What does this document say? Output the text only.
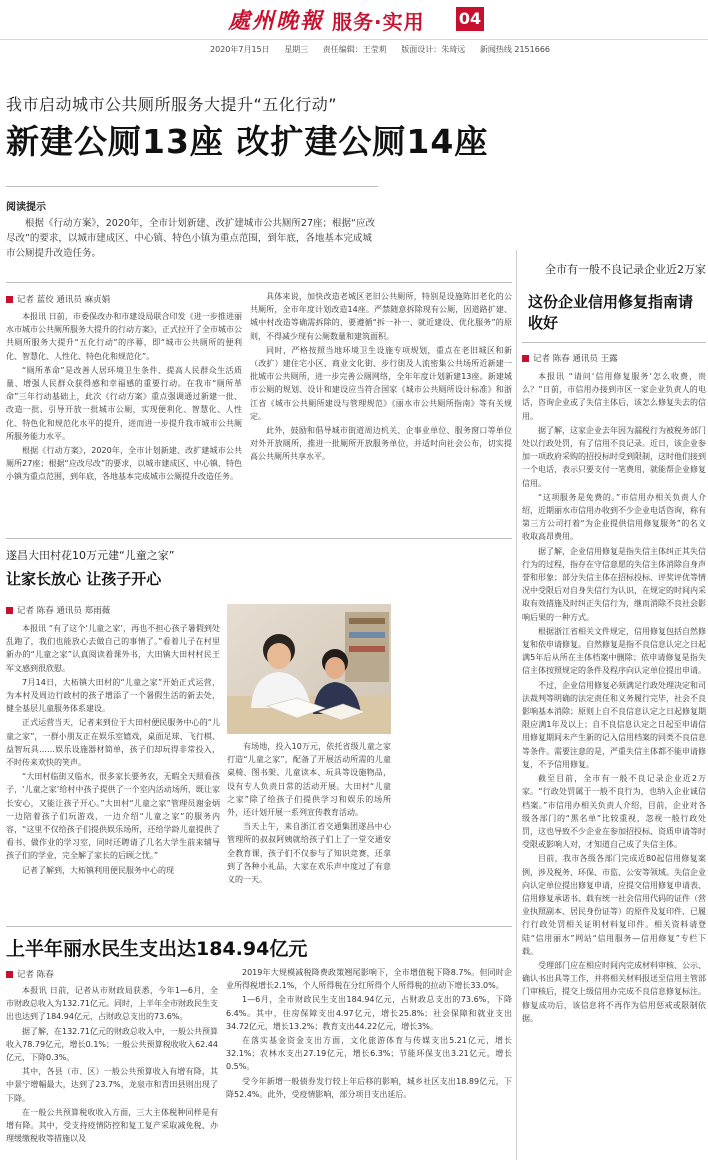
處州晚報 服务·实用 04
2020年7月15日 星期三 责任编辑：王莹莉 版面设计：朱琦远 新闻热线 2151666
我市启动城市公共厕所服务大提升“五化行动”
新建公厕13座 改扩建公厕14座
阅读提示
根据《行动方案》，2020年，全市计划新建、改扩建城市公共厕所27座；根据“应改尽改”的要求，以城市建成区、中心镇、特色小镇为重点范围，到年底，各地基本完成城市公厕提升改造任务。
记者 蓝佼 通讯员 麻贞娟

本报讯 日前，市委保改办和市建设局联合印发《进一步推进丽水市城市公共厕所服务大提升的行动方案》，正式拉开了全市城市公共厕所服务大提升“五化行动”的序幕，即“城市公共厕所的便利化、智慧化、人性化、特色化和规范化”。

“厕所革命”是改善人居环境卫生条件、提高人民群众生活质量、增强人民群众获得感和幸福感的重要行动。在我市“厕所革命”三年行动基础上，此次《行动方案》重点强调通过新建一批、改造一批、引导开放一批城市公厕，实现便利化、智慧化、人性化、特色化和规范化水平的提升，进而进一步提升我市城市公共厕所服务能力水平。

根据《行动方案》，2020年，全市计划新建、改扩建城市公共厕所27座；根据“应改尽改”的要求，以城市建成区、中心镇、特色小镇为重点范围，到年底，各地基本完成城市公厕提升改造任务。

具体来说，加快改造老城区老旧公共厕所，特别是设施陈旧老化的公共厕所，全市年度计划改造14座。严禁随意拆除现有公厕，因道路扩建、城中村改造等确需拆除的，要遵循“拆一补一、就近建设、优化服务”的原则，不得减少现有公厕数量和建筑面积。

同时，严格按照当地环境卫生设施专项规划，重点在老旧城区和新（改扩）建住宅小区、商业文化街、步行街及人流密集公共场所近新建一批城市公共厕所，进一步完善公厕网络，全年年度计划新建13座。新建城市公厕的规划、设计和建设应当符合国家《城市公共厕所设计标准》和浙江省《城市公共厕所建设与管理规范》《丽水市公共厕所指南》等有关规定。

此外，鼓励和倡导城市街道周边机关、企事业单位、服务窗口等单位对外开放厕所，推进一批厕所开放服务单位，并适时向社会公布，切实提高公共厕所共享水平。

遂昌大田村花10万元建“儿童之家”
让家长放心 让孩子开心
记者 陈春 通讯员 郑雨薇

本报讯 “有了这个‘儿童之家’，再也不担心孩子暑假到处乱跑了，我们也能放心去做自己的事情了。”看着儿子在村里新办的“儿童之家”认真阅读着课外书，大田镇大田村村民王军文感到很欣慰。

7月14日，大柘镇大田村的“儿童之家”开始正式运营，为本村及周边行政村的孩子增添了一个暑假生活的新去处，健全基层儿童服务体系建设。

正式运营当天，记者来到位于大田村便民服务中心的“儿童之家”，一群小朋友正在娱乐室嬉戏，桌面足球、飞行棋、益智玩具……娱乐设施器材简单，孩子们却玩得非常投入，不时传来欢快的笑声。

“大田村临街又临水，很多家长要务农，无暇全天照看孩子，‘儿童之家’给村中孩子提供了一个室内活动场所，既让家长安心，又能让孩子开心。”大田村“儿童之家”管理员谢金炳一边陪着孩子们玩游戏，一边介绍“儿童之家”的服务内容，“这里不仅给孩子们提供娱乐场所，还给学龄儿童提供了看书、做作业的学习室，同时还聘请了几名大学生前来辅导孩子们的学业，完全解了家长的后顾之忧。”

记者了解到，大柘镇利用便民服务中心的现

有场地，投入10万元，依托省级儿童之家打造“儿童之家”，配备了开展活动所需的儿童桌椅、图书架、儿童读本、玩具等设施物品，设有专人负责日常的活动开展。大田村“儿童之家”除了给孩子们提供学习和娱乐的场所外，还计划开展一系列宣传教育活动。

当天上午，来自浙江省交通集团遂昌中心管理所的叔叔阿姨就给孩子们上了一堂交通安全教育课，孩子们不仅参与了知识竞赛，还拿到了各种小礼品，大家在欢乐声中度过了有意义的一天。

上半年丽水民生支出达184.94亿元
记者 陈春

本报讯 日前，记者从市财政局获悉，今年1—6月，全市财政总收入为132.71亿元。同时，上半年全市财政民生支出也达到了184.94亿元，占财政总支出的73.6%。

据了解，在132.71亿元的财政总收入中，一般公共预算收入78.79亿元，增长0.1%；一般公共预算税收收入62.44亿元，下降0.3%。

其中，各县（市、区）一般公共预算收入有增有降，其中景宁增幅最大，达到了23.7%，龙泉市和青田县则出现了下降。

在一般公共预算税收收入方面，三大主体税种同样是有增有降。其中，受支持疫情防控和复工复产采取减免税、办理缓缴税收等措施以及

2019年大规模减税降费政策翘尾影响下，全市增值税下降8.7%。但同时企业所得税增长2.1%，个人所得税在分红所得个人所得税的拉动下增长33.0%。

1—6月，全市财政民生支出184.94亿元，占财政总支出的73.6%，下降6.4%。其中，住房保障支出4.97亿元，增长25.8%；社会保障和就业支出34.72亿元，增长13.2%；教育支出44.22亿元，增长3%。

在落实基金资金支出方面，文化旅游体育与传媒支出5.21亿元，增长32.1%；农林水支出27.19亿元，增长6.3%；节能环保支出3.21亿元，增长0.5%。

受今年新增一般债券发行较上年后移的影响，城乡社区支出18.89亿元，下降52.4%。此外，受疫情影响，部分项目支出延后。

全市有一般不良记录企业近2万家
这份企业信用修复指南请收好
记者 陈春 通讯员 王露

本报讯 “请问‘信用修复服务’怎么收费，贵么？”日前，市信用办接到市区一家企业负责人的电话，咨询企业或了失信主体后，该怎么修复失去的信用。

据了解，这家企业去年因为漏税行为被税务部门处以行政处罚，有了信用不良记录。近日，该企业参加一项政府采购的招投标时受到限制，这时他们接到一个电话，表示只要支付一笔费用，就能帮企业修复信用。

“这项服务是免费的。”市信用办相关负责人介绍，近期丽水市信用办收到不少企业电话咨询，称有第三方公司打着“为企业提供信用修复服务”的名义收取高昂费用。

据了解，企业信用修复是指失信主体纠正其失信行为的过程，指存在守信意愿的失信主体消除自身声誉和形象；部分失信主体在招标投标、评奖评优等情况中受限后对自身失信行为认识，在规定的时间内采取有效措施及时纠正失信行为，继而消除不良社会影响后果的一种方式。

根据浙江省相关文件规定，信用修复包括自然修复和依申请修复。自然修复是指不良信息认定之日起满5年后从所在主体档案中删除；依申请修复是指失信主体按照规定的条件及程序向认定单位提出申请。

不过，企业信用修复必须满足行政处理决定和司法裁判等明确的法定责任和义务履行完毕，社会不良影响基本消除；原则上自不良信息认定之日起修复期限应满1年及以上；自不良信息认定之日起至申请信用修复期间未产生新的记入信用档案的同类不良信息等条件。需要注意的是，严重失信主体都不能申请修复，不予信用修复。

截至目前，全市有一般不良记录企业近2万家。“行政处罚属于一般不良行为，也纳入企业诚信档案。”市信用办相关负责人介绍，目前，企业对各级各部门的“黑名单”比较重视，忽视一般行政处罚，这也导致不少企业在参加招投标、资质申请等时受限或影响人对，才知道自己成了失信主体。

目前，我市各级各部门完成近80起信用修复案例，涉及税务、环保、市监、公安等领域。失信企业向认定单位提出修复申请，应提交信用修复申请表、信用修复承诺书、载有统一社会信用代码的证件（营业执照副本、居民身份证等）的原件及复印件、已履行行政处罚相关证明材料复印件。相关资料请登陆“信用丽水”网站“信用服务—信用修复”专栏下载。

受理部门应在相应时间内完成材料审核、公示、确认书出具等工作，并将相关材料报送至信用主管部门审核后，提交上级信用办完成不良信息修复标注。修复成功后，该信息将不再作为信用惩戒或限制依据。
